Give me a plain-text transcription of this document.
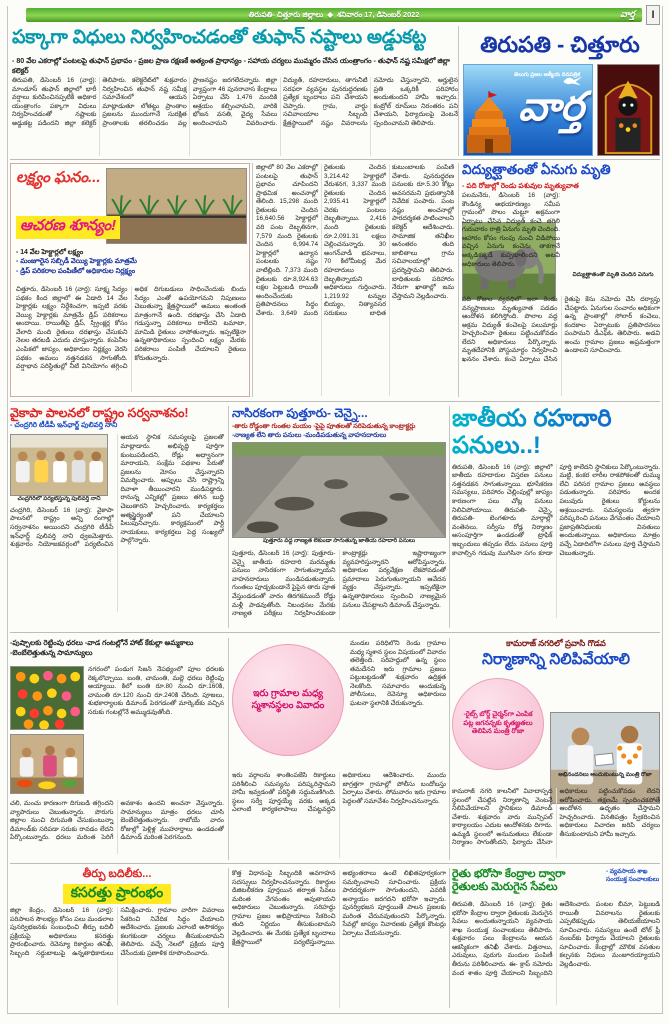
తిరుపతి- చిత్తూరు జిల్లాలు  ◆  శనివారం 17, డిసెంబర్ 2022	వార్త	I
పక్కాగా విధులు నిర్వహించడంతో తుఫాన్ నష్టాలు అడ్డుకట్ట
- 80 వేల ఎకరాల్లో పంటలపై తుఫాన్ ప్రభావం - ప్రజల ప్రాణ రక్షణకే అత్యంత ప్రాధాన్యం - సహాయ చర్యలు ముమ్మరం చేసిన యంత్రాంగం - తుఫాన్ నష్ట సమీక్షలో జిల్లా కలెక్టర్
తిరుపతి, డిసెంబర్ 16 (వార్త): మాండూస్ తుఫాన్ జిల్లాలో భారీ వర్షాలు కురిపించినప్పటికీ అధికార యంత్రాంగం పక్కాగా విధులు నిర్వహించడంతో నష్టాలకు అడ్డుకట్ట పడిందని జిల్లా కలెక్టర్ తెలిపారు. కలెక్టరేట్‌లో శుక్రవారం నిర్వహించిన తుఫాన్ నష్ట సమీక్ష సమావేశంలో ఆయన మాట్లాడుతూ లోతట్టు ప్రాంతాల ప్రజలను ముందుగానే సురక్షిత ప్రాంతాలకు తరలించడం వల్ల ప్రాణనష్టం జరగలేదన్నారు. జిల్లా వ్యాప్తంగా 46 పునరావాస కేంద్రాలు ఏర్పాటు చేసి 1,476 మందికి ఆశ్రయం కల్పించామని, వారికి భోజన వసతి, వైద్య సేవలు అందించామని వివరించారు. విద్యుత్, రహదారులు, తాగునీటి సరఫరా వ్యవస్థల పునరుద్ధరణకు ప్రత్యేక బృందాలు పని చేశాయని చెప్పారు. గ్రామ, వార్డు సచివాలయాల సిబ్బంది క్షేత్రస్థాయిలో నష్టం వివరాలను నమోదు చేస్తున్నారని, అర్హులైన ప్రతి ఒక్కరికీ పరిహారం అందుతుందని హామీ ఇచ్చారు. కంట్రోల్ రూమ్‌లు నిరంతరం పని చేశాయని, ఫిర్యాదులపై వెంటనే స్పందించామని తెలిపారు.
తిరుపతి - చిత్తూరు
తెలుగు ప్రజల ఆత్మీయ దినపత్రిక
వార్త
లక్ష్యం ఘనం...
ఆచరణ శూన్యం!
- 14 వేల హెక్టార్లలో లక్ష్యం
- మంజూరైన సబ్సిడీ వెయ్యి హెక్టార్లకు మాత్రమే
- డ్రిప్ పరికరాల పంపిణీలో అధికారుల నిర్లక్ష్యం
చిత్తూరు, డిసెంబర్ 16 (వార్త): సూక్ష్మ సేద్యం పథకం కింద జిల్లాలో ఈ ఏడాది 14 వేల హెక్టార్లకు లక్ష్యం నిర్దేశించగా, ఇప్పటి వరకు వెయ్యి హెక్టార్లకు మాత్రమే డ్రిప్ పరికరాలు అందాయి. రాయితీపై డ్రిప్, స్ప్రింక్లర్ల కోసం వేలాది మంది రైతులు దరఖాస్తు చేసుకుని నెలల తరబడి ఎదురు చూస్తున్నారు. కంపెనీల ఎంపికలో జాప్యం, అధికారుల నిర్లక్ష్యం వెరసి పథకం అమలు నత్తనడకన సాగుతోంది. వర్షాభావ పరిస్థితుల్లో నీటి వినియోగం తగ్గించి అధిక దిగుబడులు సాధించేందుకు బిందు సేద్యం ఎంతో ఉపయోగమని నిపుణులు చెబుతున్నా క్షేత్రస్థాయిలో అమలు అంతంత మాత్రంగానే ఉంది. దరఖాస్తు చేసి ఏడాది గడుస్తున్నా పరికరాలు రాలేదని టమాటా, మామిడి రైతులు వాపోతున్నారు. ఇప్పటికైనా ఉన్నతాధికారులు స్పందించి లక్ష్యం మేరకు పరికరాలు పంపిణీ చేయాలని రైతులు కోరుతున్నారు.
జిల్లాలో 80 వేల ఎకరాల్లో పంటలపై తుఫాన్ ప్రభావం చూపిందని ప్రాథమిక అంచనాల్లో తేలింది. 15,298 మంది రైతులకు చెందిన 16,640.56 హెక్టార్లలో వరి పంట దెబ్బతినగా, 7,579 మంది రైతులకు చెందిన 6,994.74 హెక్టార్లలో ఉద్యాన పంటలకు నష్టం వాటిల్లింది. 7,373 మంది రైతులకు రూ.8,924.63 లక్షల పెట్టుబడి రాయితీ అందించేందుకు ప్రతిపాదనలు సిద్ధం చేశారు. 3,649 మంది రైతులకు చెందిన 3,214.42 హెక్టార్లలో వేరుశనగ, 3,337 మంది రైతులకు చెందిన 2,935.41 హెక్టార్లలో చెరకు పంటలు దెబ్బతిన్నాయి. 2,416 మంది రైతులకు రూ.2,091.31 లక్షలు చెల్లించనున్నారు. 30 అంగన్‌వాడీ భవనాలు, 70 కిలోమీటర్ల మేర రహదారులు దెబ్బతిన్నాయని అధికారులు గుర్తించారు. 1,219.92 టన్నుల బియ్యం, నిత్యావసర సరుకులు బాధిత కుటుంబాలకు పంపిణీ చేశారు. పునరుద్ధరణ పనులకు రూ.5.30 కోట్లు అవసరమని ప్రభుత్వానికి నివేదిక పంపారు. పంట నష్టం అంచనాల్లో పారదర్శకత పాటించాలని కలెక్టర్ ఆదేశించారు. సామాజిక తనిఖీల అనంతరం తుది జాబితాలు గ్రామ సచివాలయాల్లో ప్రదర్శిస్తామని తెలిపారు. బాధితులకు పరిహారం నేరుగా ఖాతాల్లో జమ చేస్తామని వెల్లడించారు.
విద్యుత్ఘాతంతో ఏనుగు మృతి
- పది రోజుల్లో రెండు పశువుల మృత్యువాత
పలమనేరు, డిసెంబర్ 16 (వార్త): కౌండిన్య అభయారణ్యం సమీప గ్రామంలో పొలం చుట్టూ అక్రమంగా ఏర్పాటు చేసిన విద్యుత్ కంచె తగిలి గురువారం రాత్రి ఏనుగు మృతి చెందింది. ఆహారం కోసం గుంపు నుంచి విడిపోయి వచ్చిన ఏనుగు కంచెను తాకగానే అక్కడికక్కడే కుప్పకూలిందని అటవీ అధికారులు తెలిపారు.
విద్యుత్ఘాతంతో మృతి చెందిన ఏనుగు
పది రోజుల వ్యవధిలో ఇలా రెండు వన్యప్రాణులు మృత్యువాత పడడం ఆందోళన కలిగిస్తోంది. పొలాల వద్ద అక్రమ విద్యుత్ కంచెలపై పలుమార్లు హెచ్చరించినా రైతులు పట్టించుకోవడం లేదని అధికారులు పేర్కొన్నారు. మృతదేహానికి పోస్టుమార్టం నిర్వహించి ఖననం చేశారు. కంచె ఏర్పాటు చేసిన రైతుపై కేసు నమోదు చేసి దర్యాప్తు చేపట్టారు. ఏనుగుల సంచారం అధికంగా ఉన్న ప్రాంతాల్లో సోలార్ కంచెలు, కందకాల ఏర్పాటుకు ప్రతిపాదనలు పంపామని డీఎఫ్ఓ తెలిపారు. అడవి అంచు గ్రామాల ప్రజలు అప్రమత్తంగా ఉండాలని సూచించారు.
వైకాపా పాలనలో రాష్ట్రం సర్వనాశనం!
- చంద్రగిరి టీడీపీ ఇన్‌ఛార్జ్ పులివర్తి నాని
చంద్రగిరిలో పర్యటిస్తున్న పులివర్తి నాని
చంద్రగిరి, డిసెంబర్ 16 (వార్త): వైకాపా పాలనలో రాష్ట్రం అన్ని రంగాల్లో సర్వనాశనం అయిందని చంద్రగిరి టీడీపీ ఇన్‌ఛార్జ్ పులివర్తి నాని ధ్వజమెత్తారు. శుక్రవారం నియోజకవర్గంలో పర్యటించిన ఆయన స్థానిక సమస్యలపై ప్రజలతో మాట్లాడారు. అభివృద్ధి పూర్తిగా కుంటుపడిందని, రోడ్లు అధ్వానంగా మారాయని, సంక్షేమ పథకాల పేరుతో ప్రజలను మోసం చేస్తున్నారని విమర్శించారు. అప్పులు చేసి రాష్ట్రాన్ని దివాళా తీయించారని మండిపడ్డారు. రానున్న ఎన్నికల్లో ప్రజలు తగిన బుద్ధి చెబుతారని హెచ్చరించారు. కార్యకర్తలు ఆత్మస్థైర్యంతో పని చేయాలని పిలుపునిచ్చారు. కార్యక్రమంలో పార్టీ నాయకులు, కార్యకర్తలు పెద్ద సంఖ్యలో పాల్గొన్నారు.
నాసిరకంగా పుత్తూరు- చెన్నై...
-తారు రోడ్డంతా గుంతల మయం -పైపై పూతలతో సరిపెడుతున్న కాంట్రాక్టర్లు
-నాణ్యత లేని తారు పనులు -మండిపడుతున్న వాహనదారులు
పుత్తూరు వద్ద నాణ్యత లేకుండా సాగుతున్న జాతీయ రహదారి పనులు
పుత్తూరు, డిసెంబర్ 16 (వార్త): పుత్తూరు- చెన్నై జాతీయ రహదారి మరమ్మతు పనులు నాసిరకంగా సాగుతున్నాయని వాహనదారులు మండిపడుతున్నారు. గుంతలు పూడ్చకుండానే పైపైన తారు పూత వేస్తుండడంతో వారం తిరగకముందే రోడ్డు మళ్లీ పాడవుతోంది. నిబంధనల మేరకు నాణ్యత పరీక్షలు నిర్వహించకుండా కాంట్రాక్టర్లు ఇష్టారాజ్యంగా వ్యవహరిస్తున్నారని ఆరోపిస్తున్నారు. అధికారుల పర్యవేక్షణ లేకపోవడంతో ప్రమాదాలు పెరుగుతున్నాయని ఆవేదన వ్యక్తం చేస్తున్నారు. ఇప్పటికైనా ఉన్నతాధికారులు స్పందించి నాణ్యమైన పనులు చేపట్టాలని డిమాండ్ చేస్తున్నారు.
జాతీయ రహదారి
పనులు..!
తిరుపతి, డిసెంబర్ 16 (వార్త): జిల్లాలో జాతీయ రహదారుల విస్తరణ పనులు నత్తనడకన సాగుతున్నాయి. భూసేకరణ సమస్యలు, పరిహారం చెల్లింపుల్లో జాప్యం కారణంగా పలు చోట్ల పనులు నిలిచిపోయాయి. తిరుపతి- చెన్నై, తిరుపతి- బెంగళూరు మార్గాల్లో వంతెనలు, సర్వీసు రోడ్ల నిర్మాణం అసంపూర్తిగా ఉండడంతో ట్రాఫిక్ ఇబ్బందులు తప్పడం లేదు. పనులు పూర్తి కావాల్సిన గడువు ముగిసినా సగం కూడా పూర్తి కాలేదని స్థానికులు పేర్కొంటున్నారు. మట్టి, కంకర లారీల రాకపోకలతో దుమ్ము లేచి పరిసర గ్రామాల ప్రజలు అవస్థలు పడుతున్నారు. పరిహారం అందక పలువురు రైతులు కోర్టులను ఆశ్రయించారు. సమస్యలను త్వరగా పరిష్కరించి పనులు వేగవంతం చేయాలని ప్రజాప్రతినిధులకు వినతులు అందుతున్నాయి. అధికారులు మాత్రం వచ్చే ఏడాదిలోగా పనులు పూర్తి చేస్తామని చెబుతున్నారు.
-పుష్పాలకు రెట్టింపు ధరలు -వాడ గంటల్లోనే హాట్ కేకుల్లా అమ్మకాలు -బెంబేలెత్తుతున్న సామాన్యులు
నగరంలో పండుగ సీజన్ నేపథ్యంలో పూల ధరలకు రెక్కలొచ్చాయి. బంతి, చామంతి, మల్లె ధరలు రెట్టింపు అయ్యాయి. కిలో బంతి రూ.80 నుంచి రూ.160కి, చామంతి రూ.120 నుంచి రూ.240కి చేరింది. పూజలు, శుభకార్యాలకు డిమాండ్ పెరగడంతో మార్కెట్‌కు వచ్చిన సరుకు గంటల్లోనే అమ్ముడవుతోంది.
చలి, మంచు కారణంగా దిగుబడి తగ్గిందని వ్యాపారులు చెబుతున్నారు. పొరుగు జిల్లాల నుంచి దిగుమతి చేసుకుంటున్నా డిమాండ్‌కు సరిపడా సరుకు రావడం లేదని పేర్కొంటున్నారు. ధరలు మరింత పెరిగే అవకాశం ఉందని అంచనా వేస్తున్నారు. సామాన్యులు మాత్రం ధరలు చూసి బెంబేలెత్తుతున్నారు. రాబోయే వారం రోజుల్లో పెళ్లిళ్ల ముహూర్తాలు ఉండడంతో డిమాండ్ మరింత పెరగనుంది.
ఇరు గ్రామాల మధ్య స్మశానస్థలం వివాదం
మండల పరిధిలోని రెండు గ్రామాల మధ్య స్మశాన స్థలం విషయంలో వివాదం తలెత్తింది. సరిహద్దులో ఉన్న స్థలం తమదేనని ఇరు గ్రామాల ప్రజలు పట్టుబట్టడంతో శుక్రవారం ఉద్రిక్తత నెలకొంది. సమాచారం అందుకున్న పోలీసులు, రెవెన్యూ అధికారులు ఘటనా స్థలానికి చేరుకున్నారు.
ఇరు వర్గాలను శాంతింపజేసి రికార్డులు పరిశీలించి సమస్యను పరిష్కరిస్తామని హామీ ఇవ్వడంతో పరిస్థితి సద్దుమణిగింది. స్థలం సర్వే పూర్తయ్యే వరకు అక్కడ ఎలాంటి కార్యకలాపాలు చేపట్టవద్దని అధికారులు ఆదేశించారు. ముందు జాగ్రత్తగా గ్రామాల్లో పోలీసు బందోబస్తు ఏర్పాటు చేశారు. సోమవారం ఇరు గ్రామాల పెద్దలతో సమావేశం నిర్వహించనున్నారు.
కామరాజ్ నగరిలో ప్రవాసి గొడవ
నిర్మాణాన్ని నిలిపివేయాలి
-రైట్స్ బోర్డ్ చైర్మన్‌గా ఎంపిక పట్ల జగనన్నకు కృతజ్ఞతలు తెలిపిన మంత్రి రోజా
అభినందనలు అందుకుంటున్న మంత్రి రోజా
కామరాజ్ నగరి కాలనీలో వివాదాస్పద స్థలంలో చేపట్టిన నిర్మాణాన్ని వెంటనే నిలిపివేయాలని స్థానికులు డిమాండ్ చేశారు. శుక్రవారం వారు మున్సిపల్ కార్యాలయం ఎదుట ఆందోళనకు దిగారు. ఉమ్మడి స్థలంలో అనుమతులు లేకుండా నిర్మాణం సాగుతోందని, ఫిర్యాదు చేసినా అధికారులు పట్టించుకోవడం లేదని ఆరోపించారు. తక్షణమే స్పందించకపోతే ఆందోళన ఉధృతం చేస్తామని హెచ్చరించారు. వినతిపత్రం స్వీకరించిన అధికారులు విచారణ జరిపి చర్యలు తీసుకుంటామని హామీ ఇచ్చారు.
తీర్పు బదిలీకు...
కసరత్తు ప్రారంభం
జిల్లా కేంద్రం, డిసెంబర్ 16 (వార్త): పరిపాలన సౌలభ్యం కోసం పలు మండలాల పునర్విభజనకు సంబంధించి తీర్పు బదిలీ ప్రక్రియపై అధికారులు కసరత్తు ప్రారంభించారు. రెవెన్యూ రికార్డుల తనిఖీ, సిబ్బంది సర్దుబాటుపై ఉన్నతాధికారులు సమీక్షించారు. గ్రామాల వారీగా వివరాలు సేకరించి నివేదిక సిద్ధం చేయాలని ఆదేశించారు. ప్రజలకు ఎలాంటి అసౌకర్యం కలగకుండా చర్యలు తీసుకుంటామని తెలిపారు. వచ్చే నెలలో ప్రక్రియ పూర్తి చేసేందుకు ప్రణాళిక రూపొందించారు.
కొత్త విధానంపై సిబ్బందికి అవగాహన సదస్సులు నిర్వహించనున్నారు. రికార్డుల డిజిటలీకరణ పూర్తయిన తర్వాత సేవలు మరింత వేగవంతం అవుతాయని అధికారులు చెబుతున్నారు. సరిహద్దు గ్రామాల ప్రజల అభిప్రాయాలు సేకరించి తుది నిర్ణయం తీసుకుంటామని వెల్లడించారు. ఈ మేరకు ప్రత్యేక బృందాలు క్షేత్రస్థాయిలో పర్యటిస్తున్నాయి. అభ్యంతరాలు ఉంటే లిఖితపూర్వకంగా సమర్పించాలని సూచించారు. ప్రక్రియ పారదర్శకంగా సాగుతుందని, ఎవరికీ అన్యాయం జరగదని భరోసా ఇచ్చారు. పునర్విభజన పూర్తయితే పాలన ప్రజలకు మరింత చేరువవుతుందని పేర్కొన్నారు. సేవల్లో జాప్యం నివారణకు ప్రత్యేక కౌంటర్లు ఏర్పాటు చేయనున్నారు.
రైతు భరోసా కేంద్రాల ద్వారా రైతులకు మెరుగైన సేవలు
- వ్యవసాయ శాఖ సంయుక్త సంచాలకులు
తిరుపతి, డిసెంబర్ 16 (వార్త): రైతు భరోసా కేంద్రాల ద్వారా రైతులకు మెరుగైన సేవలు అందుతున్నాయని వ్యవసాయ శాఖ సంయుక్త సంచాలకులు తెలిపారు. శుక్రవారం పలు కేంద్రాలను ఆయన ఆకస్మికంగా తనిఖీ చేశారు. విత్తనాలు, ఎరువులు, పురుగు మందుల పంపిణీ తీరును పరిశీలించారు. ఈ- క్రాప్ నమోదు వంద శాతం పూర్తి చేయాలని సిబ్బందిని ఆదేశించారు. పంటల బీమా, పెట్టుబడి రాయితీ వివరాలను రైతులకు ఎప్పటికప్పుడు తెలియజేయాలని సూచించారు. సమస్యలు ఉంటే టోల్ ఫ్రీ నంబర్‌కు ఫిర్యాదు చేయాలని రైతులకు సూచించారు. కేంద్రాల్లో మౌలిక వసతుల కల్పనకు నిధులు మంజూరయ్యాయని వెల్లడించారు.
